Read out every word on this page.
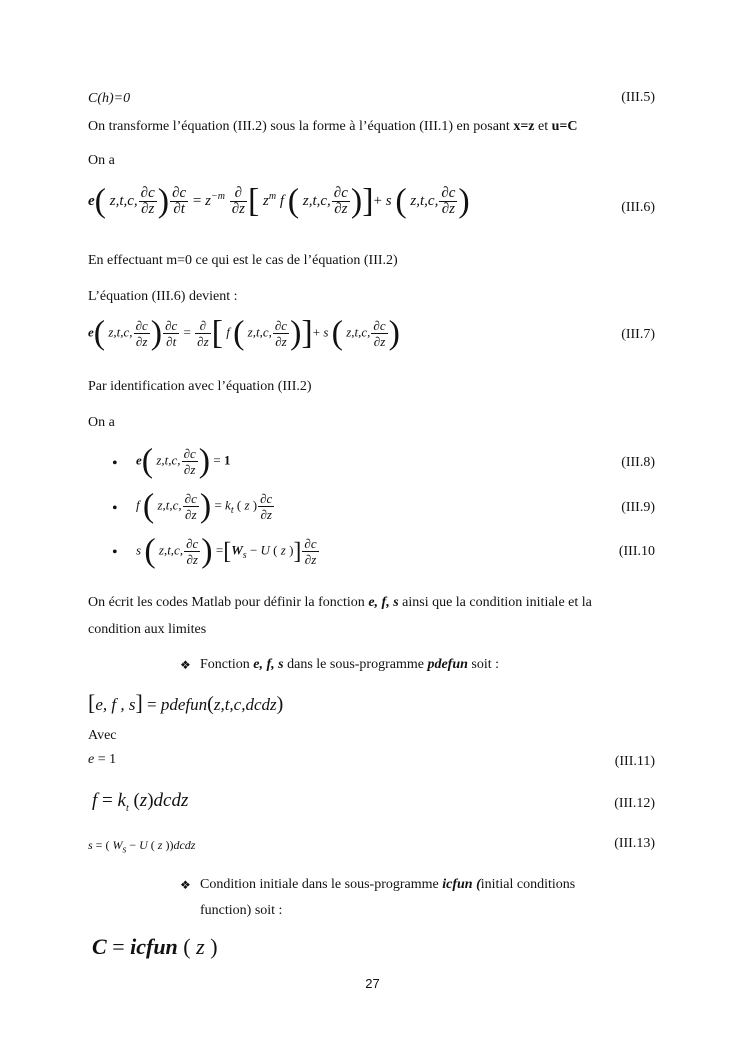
C(h)=0	(III.5)
On transforme l’équation (III.2) sous la forme à l’équation (III.1) en posant x=z et u=C
On a
e( z,t,c, $\frac{\partial c}{\partial z}$ ) $\frac{\partial c}{\partial t} = z^{-m} \frac{\partial}{\partial z}$ [ $z^m$ f ( z,t,c, $\frac{\partial c}{\partial z}$ )]+ s ( z,t,c, $\frac{\partial c}{\partial z}$ )	(III.6)
En effectuant m=0 ce qui est le cas de l’équation (III.2)
L’équation (III.6) devient :
e( z,t,c, $\frac{\partial c}{\partial z}$ ) $\frac{\partial c}{\partial t} = \frac{\partial}{\partial z}$ [ f ( z,t,c, $\frac{\partial c}{\partial z}$ )]+ s ( z,t,c, $\frac{\partial c}{\partial z}$ )	(III.7)
Par identification avec l’équation (III.2)
On a
• e( z,t,c, $\frac{\partial c}{\partial z}$ ) = 1	(III.8)
• f ( z,t,c, $\frac{\partial c}{\partial z}$ ) = $k_t$ ( z ) $\frac{\partial c}{\partial z}$	(III.9)
• s ( z,t,c, $\frac{\partial c}{\partial z}$ ) $=[W_s - U$ ( z )] $\frac{\partial c}{\partial z}$	(III.10
On écrit les codes Matlab pour définir la fonction e, f, s ainsi que la condition initiale et la
condition aux limites
❖ Fonction e, f, s dans le sous-programme pdefun soit :
[e, f , s] = pdefun(z,t,c,dcdz)
Avec
e = 1	(III.11)
$f = k_t$ (z)dcdz	(III.12)
s = ( $W_s - U$ ( z ))dcdz	(III.13)
❖ Condition initiale dans le sous-programme icfun (initial conditions
function) soit :
C = icfun ( z )
27
